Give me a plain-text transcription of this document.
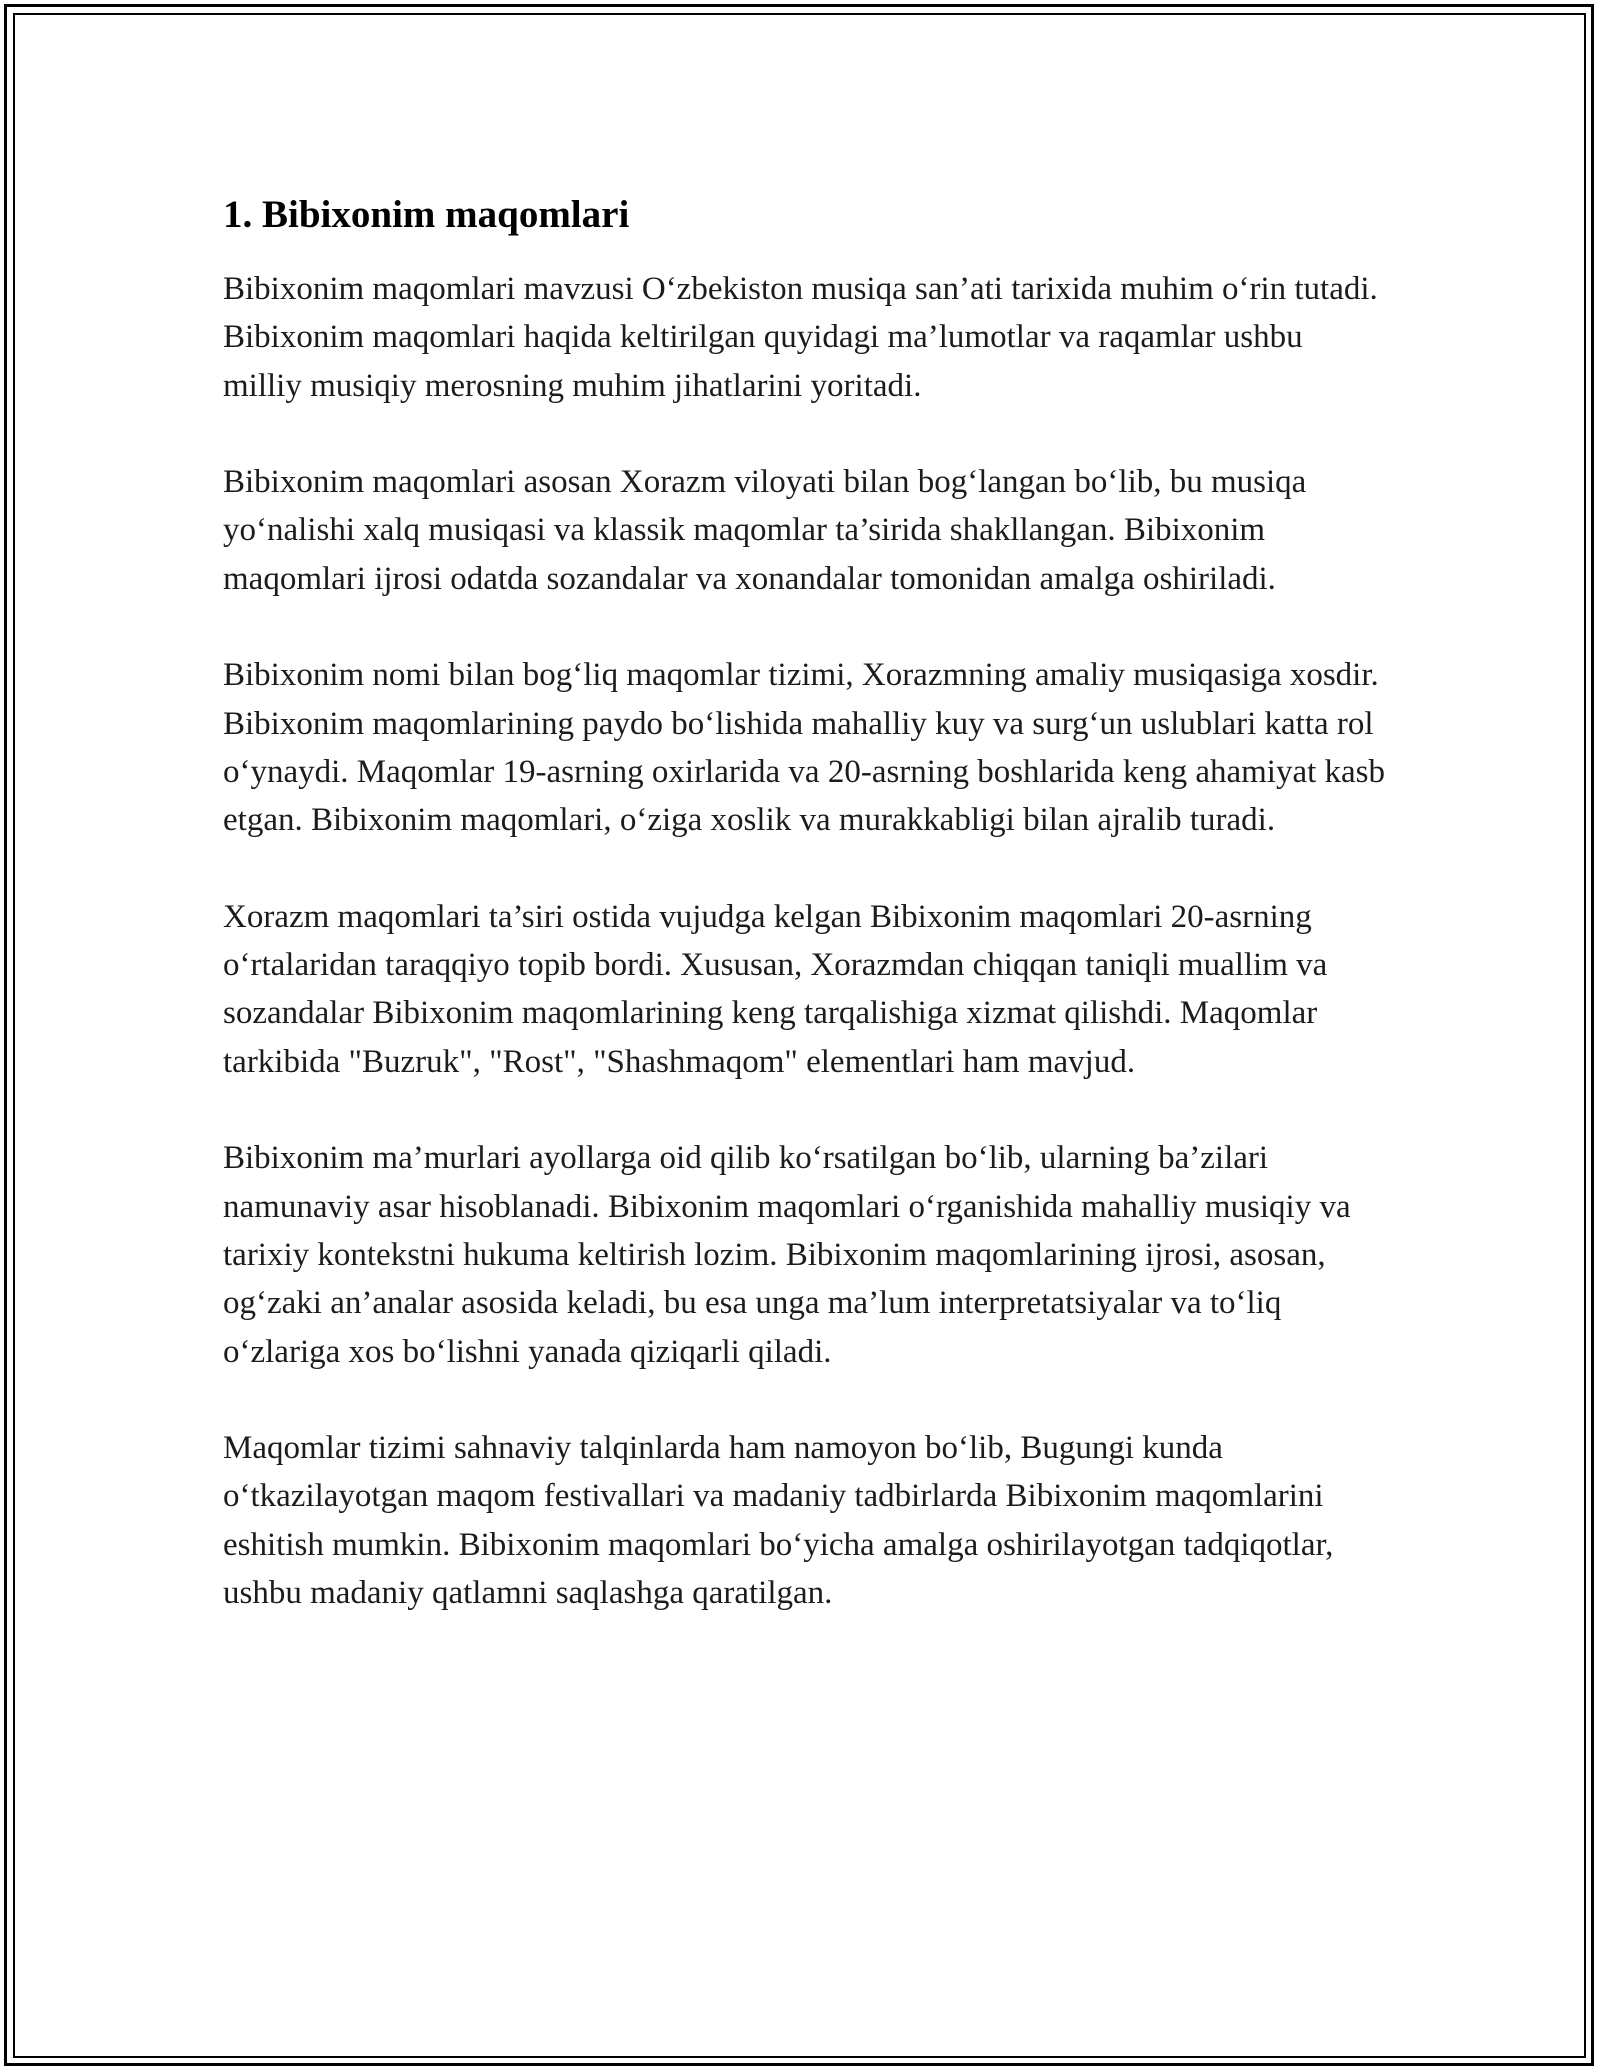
1. Bibixonim maqomlari

Bibixonim maqomlari mavzusi O‘zbekiston musiqa san’ati tarixida muhim o‘rin tutadi. Bibixonim maqomlari haqida keltirilgan quyidagi ma’lumotlar va raqamlar ushbu milliy musiqiy merosning muhim jihatlarini yoritadi.

Bibixonim maqomlari asosan Xorazm viloyati bilan bog‘langan bo‘lib, bu musiqa yo‘nalishi xalq musiqasi va klassik maqomlar ta’sirida shakllangan. Bibixonim maqomlari ijrosi odatda sozandalar va xonandalar tomonidan amalga oshiriladi.

Bibixonim nomi bilan bog‘liq maqomlar tizimi, Xorazmning amaliy musiqasiga xosdir. Bibixonim maqomlarining paydo bo‘lishida mahalliy kuy va surg‘un uslublari katta rol o‘ynaydi. Maqomlar 19-asrning oxirlarida va 20-asrning boshlarida keng ahamiyat kasb etgan. Bibixonim maqomlari, o‘ziga xoslik va murakkabligi bilan ajralib turadi.

Xorazm maqomlari ta’siri ostida vujudga kelgan Bibixonim maqomlari 20-asrning o‘rtalaridan taraqqiyo topib bordi. Xususan, Xorazmdan chiqqan taniqli muallim va sozandalar Bibixonim maqomlarining keng tarqalishiga xizmat qilishdi. Maqomlar tarkibida "Buzruk", "Rost", "Shashmaqom" elementlari ham mavjud.

Bibixonim ma’murlari ayollarga oid qilib ko‘rsatilgan bo‘lib, ularning ba’zilari namunaviy asar hisoblanadi. Bibixonim maqomlari o‘rganishida mahalliy musiqiy va tarixiy kontekstni hukuma keltirish lozim. Bibixonim maqomlarining ijrosi, asosan, og‘zaki an’analar asosida keladi, bu esa unga ma’lum interpretatsiyalar va to‘liq o‘zlariga xos bo‘lishni yanada qiziqarli qiladi.

Maqomlar tizimi sahnaviy talqinlarda ham namoyon bo‘lib, Bugungi kunda o‘tkazilayotgan maqom festivallari va madaniy tadbirlarda Bibixonim maqomlarini eshitish mumkin. Bibixonim maqomlari bo‘yicha amalga oshirilayotgan tadqiqotlar, ushbu madaniy qatlamni saqlashga qaratilgan.
